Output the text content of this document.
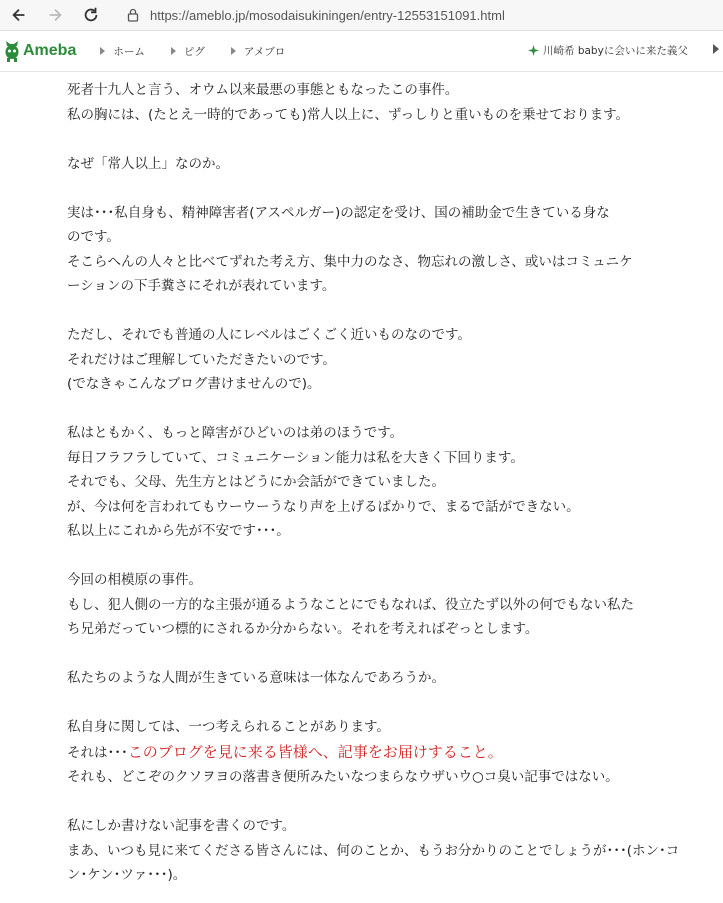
https://ameblo.jp/mosodaisukiningen/entry-12553151091.html
Ameba	ホーム	ピグ	アメブロ	川崎希 babyに会いに来た義父

死者十九人と言う、オウム以来最悪の事態ともなったこの事件。

私の胸には、(たとえ一時的であっても)常人以上に、ずっしりと重いものを乗せております。

なぜ「常人以上」なのか。

実は･･･私自身も、精神障害者(アスペルガー)の認定を受け、国の補助金で生きている身な

のです。

そこらへんの人々と比べてずれた考え方、集中力のなさ、物忘れの激しさ、或いはコミュニケ

ーションの下手糞さにそれが表れています。

ただし、それでも普通の人にレベルはごくごく近いものなのです。

それだけはご理解していただきたいのです。

(でなきゃこんなブログ書けませんので)。

私はともかく、もっと障害がひどいのは弟のほうです。

毎日フラフラしていて、コミュニケーション能力は私を大きく下回ります。

それでも、父母、先生方とはどうにか会話ができていました。

が、今は何を言われてもウーウーうなり声を上げるばかりで、まるで話ができない。

私以上にこれから先が不安です･･･。

今回の相模原の事件。

もし、犯人側の一方的な主張が通るようなことにでもなれば、役立たず以外の何でもない私た

ち兄弟だっていつ標的にされるか分からない。それを考えればぞっとします。

私たちのような人間が生きている意味は一体なんであろうか。

私自身に関しては、一つ考えられることがあります。

それは･･･このブログを見に来る皆様へ、記事をお届けすること。

それも、どこぞのクソヲヨの落書き便所みたいなつまらなウザいウ○コ臭い記事ではない。

私にしか書けない記事を書くのです。

まあ、いつも見に来てくださる皆さんには、何のことか、もうお分かりのことでしょうが･･･(ホン･コ

ン･ケン･ツァ･･･)。
